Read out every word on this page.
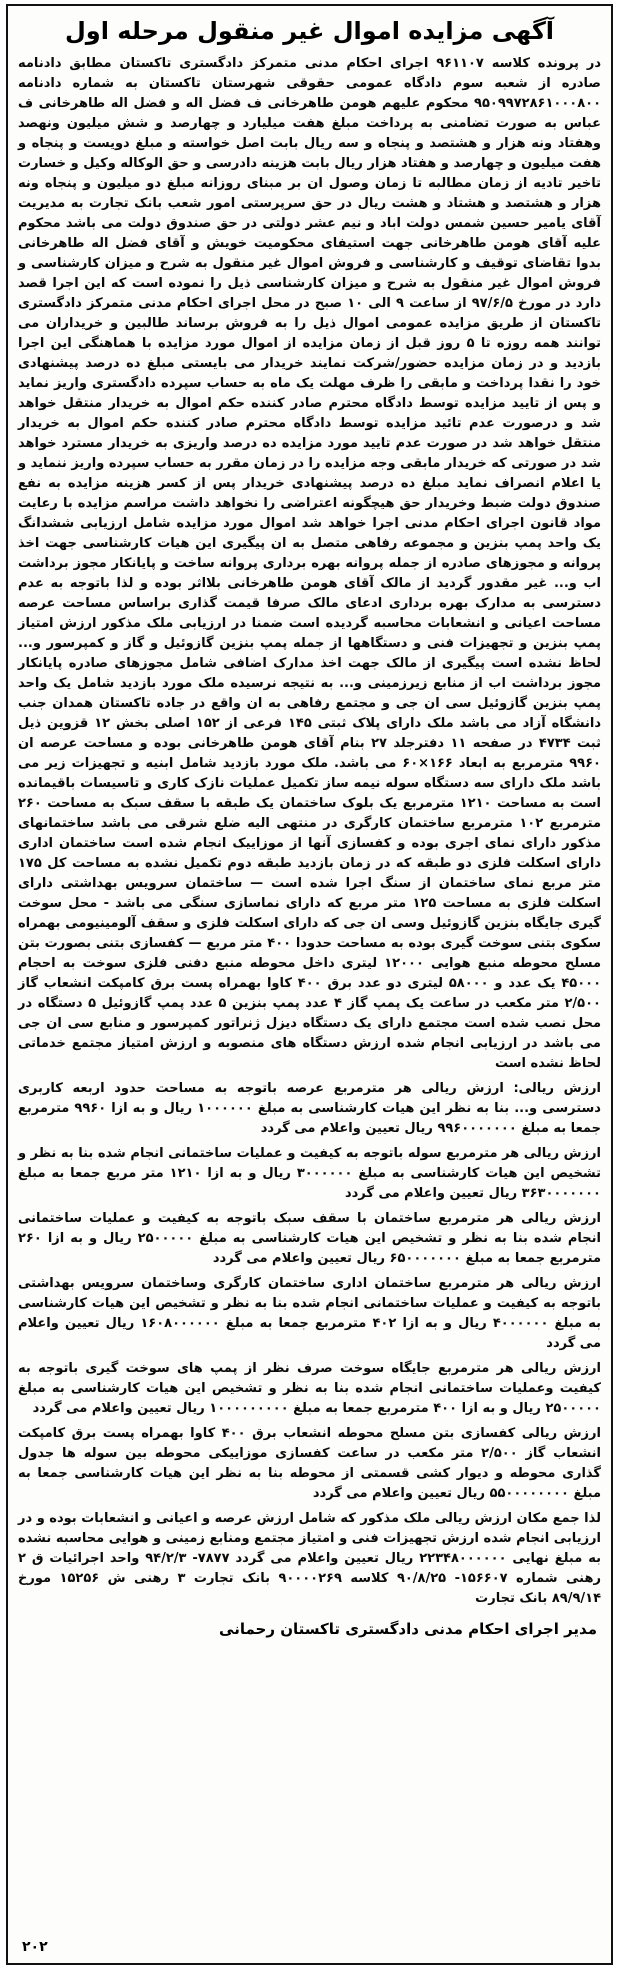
آگهی مزایده اموال غیر منقول مرحله اول

در پرونده کلاسه ۹۶۱۱۰۷ اجرای احکام مدنی متمرکز دادگستری تاکستان مطابق دادنامه صادره از شعبه سوم دادگاه عمومی حقوقی شهرستان تاکستان به شماره دادنامه ۹۵۰۹۹۷۲۸۶۱۰۰۰۸۰۰ محکوم علیهم هومن طاهرخانی ف فضل اله و فضل اله طاهرخانی ف عباس به صورت تضامنی به پرداخت مبلغ هفت میلیارد و چهارصد و شش میلیون ونهصد وهفتاد ونه هزار و هشتصد و پنجاه و سه ریال بابت اصل خواسته و مبلغ دویست و پنجاه و هفت میلیون و چهارصد و هفتاد هزار ریال بابت هزینه دادرسی و حق الوکاله وکیل و خسارت تاخیر تادیه از زمان مطالبه تا زمان وصول ان بر مبنای روزانه مبلغ دو میلیون و پنجاه ونه هزار و هشتصد و هشتاد و هشت ریال در حق سرپرستی امور شعب بانک تجارت به مدیریت آقای یامیر حسین شمس دولت اباد و نیم عشر دولتی در حق صندوق دولت می باشد محکوم علیه آقای هومن طاهرخانی جهت استیفای محکومیت خویش و آقای فضل اله طاهرخانی بدوا تقاضای توقیف و کارشناسی و فروش اموال غیر منقول به شرح و میزان کارشناسی و فروش اموال غیر منقول به شرح و میزان کارشناسی ذیل را نموده است که این اجرا قصد دارد در مورخ ۹۷/۶/۵ از ساعت ۹ الی ۱۰ صبح در محل اجرای احکام مدنی متمرکز دادگستری تاکستان از طریق مزایده عمومی اموال ذیل را به فروش برساند طالبین و خریداران می توانند همه روزه تا ۵ روز قبل از زمان مزایده از اموال مورد مزایده با هماهنگی این اجرا بازدید و در زمان مزایده حضور/شرکت نمایند خریدار می بایستی مبلغ ده درصد پیشنهادی خود را نقدا پرداخت و مابقی را ظرف مهلت یک ماه به حساب سپرده دادگستری واریز نماید و پس از تایید مزایده توسط دادگاه محترم صادر کننده حکم اموال به خریدار منتقل خواهد شد و درصورت عدم تائید مزایده توسط دادگاه محترم صادر کننده حکم اموال به خریدار منتقل خواهد شد در صورت عدم تایید مورد مزایده ده درصد واریزی به خریدار مسترد خواهد شد در صورتی که خریدار مابقی وجه مزایده را در زمان مقرر به حساب سپرده واریز ننماید و یا اعلام انصراف نماید مبلغ ده درصد پیشنهادی خریدار پس از کسر هزینه مزایده به نفع صندوق دولت ضبط وخریدار حق هیچگونه اعتراضی را نخواهد داشت مراسم مزایده با رعایت مواد قانون اجرای احکام مدنی اجرا خواهد شد اموال مورد مزایده شامل ارزیابی ششدانگ یک واحد پمپ بنزین و مجموعه رفاهی متصل به ان پیگیری این هیات کارشناسی جهت اخذ پروانه و مجوزهای صادره از جمله پروانه بهره برداری پروانه ساخت و پایانکار مجوز برداشت اب و... غیر مقدور گردید از مالک آقای هومن طاهرخانی بلااثر بوده و لذا باتوجه به عدم دسترسی به مدارک بهره برداری ادعای مالک صرفا قیمت گذاری براساس مساحت عرصه مساحت اعیانی و انشعابات محاسبه گردیده است ضمنا در ارزیابی ملک مذکور ارزش امتیاز پمپ بنزین و تجهیزات فنی و دستگاهها از جمله پمپ بنزین گازوئیل و گاز و کمپرسور و... لحاظ نشده است پیگیری از مالک جهت اخذ مدارک اضافی شامل مجوزهای صادره پایانکار مجوز برداشت اب از منابع زیرزمینی و... به نتیجه نرسیده ملک مورد بازدید شامل یک واحد پمپ بنزین گازوئیل سی ان جی و مجتمع رفاهی به ان واقع در جاده تاکستان همدان جنب دانشگاه آزاد می باشد ملک دارای پلاک ثبتی ۱۴۵ فرعی از ۱۵۲ اصلی بخش ۱۲ قزوین ذیل ثبت ۴۷۳۴ در صفحه ۱۱ دفترجلد ۲۷ بنام آقای هومن طاهرخانی بوده و مساحت عرصه ان ۹۹۶۰ مترمربع به ابعاد ۱۶۶×۶۰ می باشد. ملک مورد بازدید شامل ابنیه و تجهیزات زیر می باشد ملک دارای سه دستگاه سوله نیمه ساز تکمیل عملیات نازک کاری و تاسیسات باقیمانده است به مساحت ۱۲۱۰ مترمربع یک بلوک ساختمان یک طبقه با سقف سبک به مساحت ۲۶۰ مترمربع ۱۰۲ مترمربع ساختمان کارگری در منتهی الیه ضلع شرقی می باشد ساختمانهای مذکور دارای نمای اجری بوده و کفسازی آنها از موزاییک انجام شده است ساختمان اداری دارای اسکلت فلزی دو طبقه که در زمان بازدید طبقه دوم تکمیل نشده به مساحت کل ۱۷۵ متر مربع نمای ساختمان از سنگ اجرا شده است — ساختمان سرویس بهداشتی دارای اسکلت فلزی به مساحت ۱۲۵ متر مربع که دارای نماسازی سنگی می باشد - محل سوخت گیری جایگاه بنزین گازوئیل وسی ان جی که دارای اسکلت فلزی و سقف آلومینیومی بهمراه سکوی بتنی سوخت گیری بوده به مساحت حدودا ۴۰۰ متر مربع — کفسازی بتنی بصورت بتن مسلح محوطه منبع هوایی ۱۲۰۰۰ لیتری داخل محوطه منبع دفنی فلزی سوخت به احجام ۴۵۰۰۰ یک عدد و ۵۸۰۰۰ لیتری دو عدد برق ۴۰۰ کاوا بهمراه پست برق کامپکت انشعاب گاز ۲/۵۰۰ متر مکعب در ساعت یک پمپ گاز ۴ عدد پمپ بنزین ۵ عدد پمپ گازوئیل ۵ دستگاه در محل نصب شده است مجتمع دارای یک دستگاه دیزل ژنراتور کمپرسور و منابع سی ان جی می باشد در ارزیابی انجام شده ارزش دستگاه های منصوبه و ارزش امتیاز مجتمع خدماتی لحاظ نشده است

ارزش ریالی: ارزش ریالی هر مترمربع عرصه باتوجه به مساحت حدود اربعه کاربری دسترسی و... بنا به نظر این هیات کارشناسی به مبلغ ۱۰۰۰۰۰۰ ریال و به ازا ۹۹۶۰ مترمربع جمعا به مبلغ ۹۹۶۰۰۰۰۰۰۰ ریال تعیین واعلام می گردد

ارزش ریالی هر مترمربع سوله باتوجه به کیفیت و عملیات ساختمانی انجام شده بنا به نظر و تشخیص این هیات کارشناسی به مبلغ ۳۰۰۰۰۰۰ ریال و به ازا ۱۲۱۰ متر مربع جمعا به مبلغ ۳۶۳۰۰۰۰۰۰۰ ریال تعیین واعلام می گردد

ارزش ریالی هر مترمربع ساختمان با سقف سبک باتوجه به کیفیت و عملیات ساختمانی انجام شده بنا به نظر و تشخیص این هیات کارشناسی به مبلغ ۲۵۰۰۰۰۰ ریال و به ازا ۲۶۰ مترمربع جمعا به مبلغ ۶۵۰۰۰۰۰۰۰ ریال تعیین واعلام می گردد

ارزش ریالی هر مترمربع ساختمان اداری ساختمان کارگری وساختمان سرویس بهداشتی باتوجه به کیفیت و عملیات ساختمانی انجام شده بنا به نظر و تشخیص این هیات کارشناسی به مبلغ ۴۰۰۰۰۰۰ ریال و به ازا ۴۰۲ مترمربع جمعا به مبلغ ۱۶۰۸۰۰۰۰۰۰ ریال تعیین واعلام می گردد

ارزش ریالی هر مترمربع جایگاه سوخت صرف نظر از پمپ های سوخت گیری باتوجه به کیفیت وعملیات ساختمانی انجام شده بنا به نظر و تشخیص این هیات کارشناسی به مبلغ ۲۵۰۰۰۰۰ ریال و به ازا ۴۰۰ مترمربع جمعا به مبلغ ۱۰۰۰۰۰۰۰۰۰ ریال تعیین واعلام می گردد

ارزش ریالی کفسازی بتن مسلح محوطه انشعاب برق ۴۰۰ کاوا بهمراه پست برق کامپکت انشعاب گاز ۲/۵۰۰ متر مکعب در ساعت کفسازی موزاییکی محوطه بین سوله ها جدول گذاری محوطه و دیوار کشی قسمتی از محوطه بنا به نظر این هیات کارشناسی جمعا به مبلغ ۵۵۰۰۰۰۰۰۰۰ ریال تعیین واعلام می گردد

لذا جمع مکان ارزش ریالی ملک مذکور که شامل ارزش عرصه و اعیانی و انشعابات بوده و در ارزیابی انجام شده ارزش تجهیزات فنی و امتیاز مجتمع ومنابع زمینی و هوایی محاسبه نشده به مبلغ نهایی ۲۲۳۴۸۰۰۰۰۰۰ ریال تعیین واعلام می گردد ۷۸۷۷- ۹۴/۲/۳ واحد اجرائیات ق ۲ رهنی شماره ۱۵۶۶۰۷- ۹۰/۸/۲۵ کلاسه ۹۰۰۰۰۲۶۹ بانک تجارت ۳ رهنی ش ۱۵۲۵۶ مورخ ۸۹/۹/۱۴ بانک تجارت

مدیر اجرای احکام مدنی دادگستری تاکستان رحمانی
۲۰۲
